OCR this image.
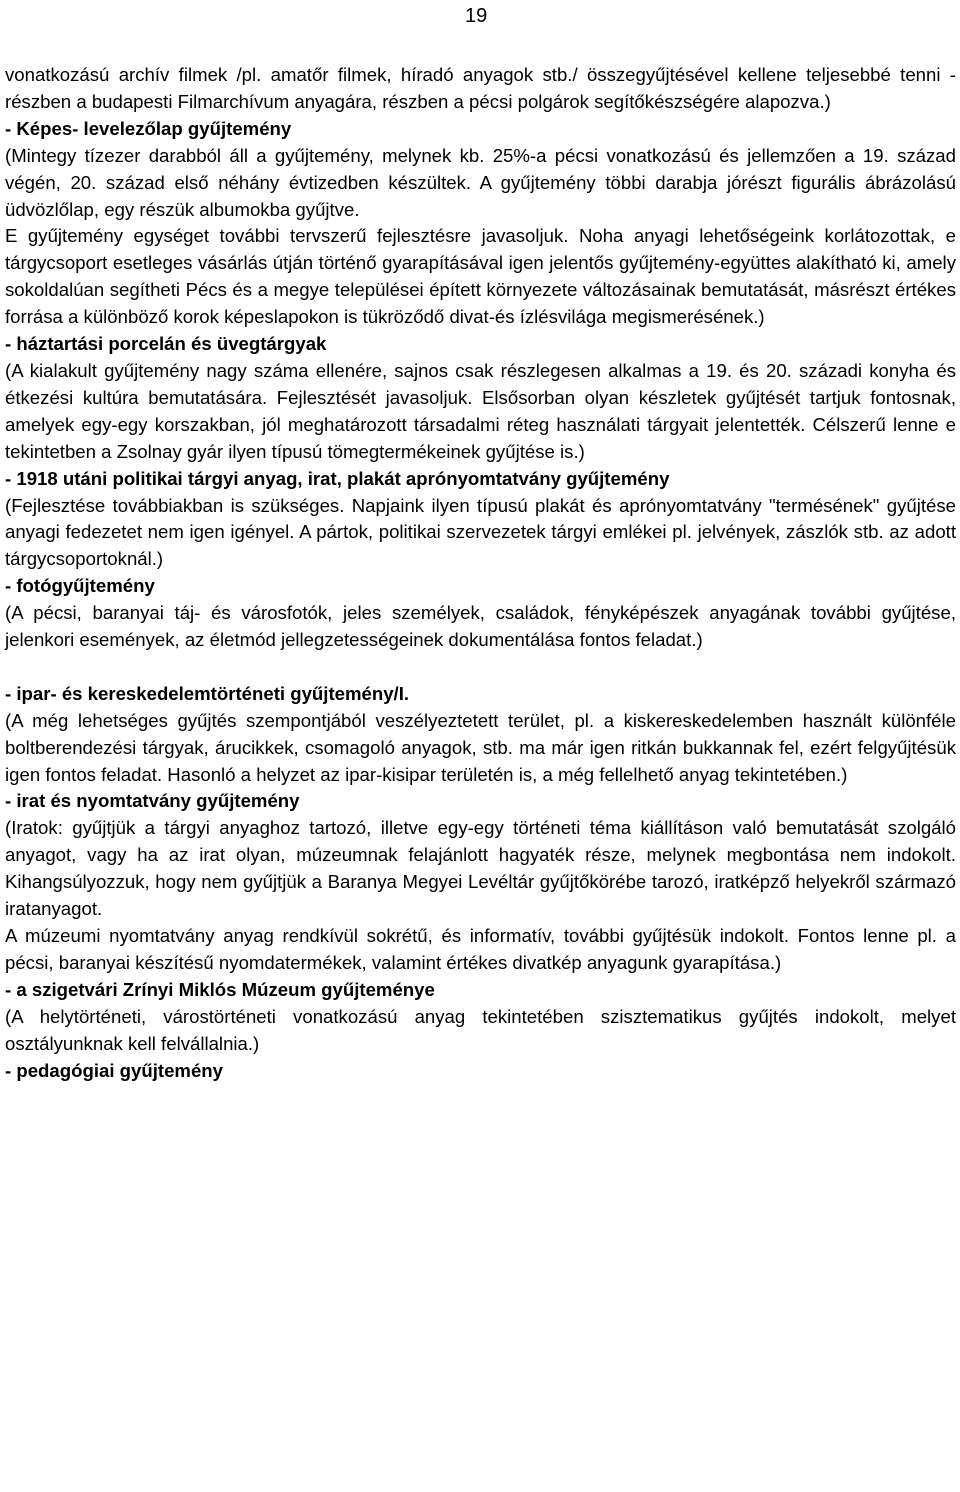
19

vonatkozású archív filmek /pl. amatőr filmek, híradó anyagok stb./ összegyűjtésével kellene teljesebbé tenni - részben a budapesti Filmarchívum anyagára, részben a pécsi polgárok segítőkészségére alapozva.)

- Képes- levelezőlap gyűjtemény

(Mintegy tízezer darabból áll a gyűjtemény, melynek kb. 25%-a pécsi vonatkozású és jellemzően a 19. század végén, 20. század első néhány évtizedben készültek. A gyűjtemény többi darabja jórészt figurális ábrázolású üdvözlőlap, egy részük albumokba gyűjtve.

E gyűjtemény egységet további tervszerű fejlesztésre javasoljuk. Noha anyagi lehetőségeink korlátozottak, e tárgycsoport esetleges vásárlás útján történő gyarapításával igen jelentős gyűjtemény-együttes alakítható ki, amely sokoldalúan segítheti Pécs és a megye települései épített környezete változásainak bemutatását, másrészt értékes forrása a különböző korok képeslapokon is tükröződő divat-és ízlésvilága megismerésének.)

- háztartási porcelán és üvegtárgyak

(A kialakult gyűjtemény nagy száma ellenére, sajnos csak részlegesen alkalmas a 19. és 20. századi konyha és étkezési kultúra bemutatására. Fejlesztését javasoljuk. Elsősorban olyan készletek gyűjtését tartjuk fontosnak, amelyek egy-egy korszakban, jól meghatározott társadalmi réteg használati tárgyait jelentették. Célszerű lenne e tekintetben a Zsolnay gyár ilyen típusú tömegtermékeinek gyűjtése is.)

- 1918 utáni politikai tárgyi anyag, irat, plakát aprónyomtatvány gyűjtemény

(Fejlesztése továbbiakban is szükséges. Napjaink ilyen típusú plakát és aprónyomtatvány "termésének" gyűjtése anyagi fedezetet nem igen igényel. A pártok, politikai szervezetek tárgyi emlékei pl. jelvények, zászlók stb. az adott tárgycsoportoknál.)

- fotógyűjtemény

(A pécsi, baranyai táj- és városfotók, jeles személyek, családok, fényképészek anyagának további gyűjtése, jelenkori események, az életmód jellegzetességeinek dokumentálása fontos feladat.)

- ipar- és kereskedelemtörténeti gyűjtemény/I.

(A még lehetséges gyűjtés szempontjából veszélyeztetett terület, pl. a kiskereskedelemben használt különféle boltberendezési tárgyak, árucikkek, csomagoló anyagok, stb. ma már igen ritkán bukkannak fel, ezért felgyűjtésük igen fontos feladat. Hasonló a helyzet az ipar-kisipar területén is, a még fellelhető anyag tekintetében.)

- irat és nyomtatvány gyűjtemény

(Iratok: gyűjtjük a tárgyi anyaghoz tartozó, illetve egy-egy történeti téma kiállításon való bemutatását szolgáló anyagot, vagy ha az irat olyan, múzeumnak felajánlott hagyaték része, melynek megbontása nem indokolt. Kihangsúlyozzuk, hogy nem gyűjtjük a Baranya Megyei Levéltár gyűjtőkörébe tarozó, iratképző helyekről származó iratanyagot.

A múzeumi nyomtatvány anyag rendkívül sokrétű, és informatív, további gyűjtésük indokolt. Fontos lenne pl. a pécsi, baranyai készítésű nyomdatermékek, valamint értékes divatkép anyagunk gyarapítása.)

- a szigetvári Zrínyi Miklós Múzeum gyűjteménye

(A helytörténeti, várostörténeti vonatkozású anyag tekintetében szisztematikus gyűjtés indokolt, melyet osztályunknak kell felvállalnia.)

- pedagógiai gyűjtemény
